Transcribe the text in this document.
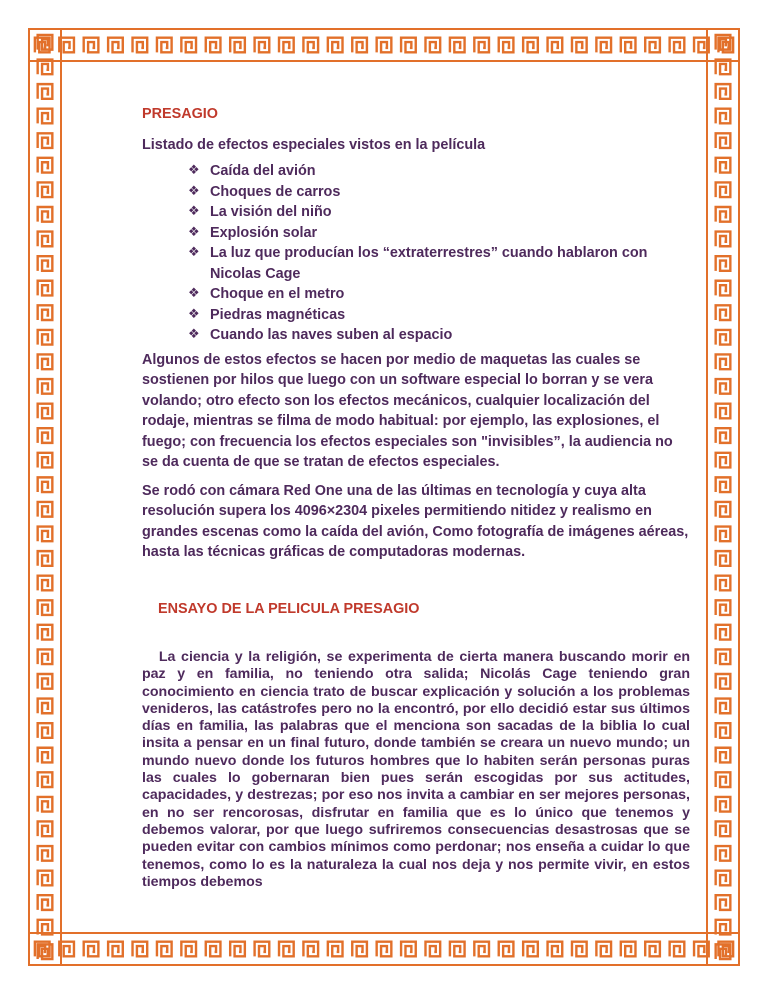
PRESAGIO

Listado de efectos especiales vistos en la película

❖ Caída del avión
❖ Choques de carros
❖ La visión del niño
❖ Explosión solar
❖ La luz que producían los “extraterrestres” cuando hablaron con Nicolas Cage
❖ Choque en el metro
❖ Piedras magnéticas
❖ Cuando las naves suben al espacio

Algunos de estos efectos se hacen por medio de maquetas las cuales se sostienen por hilos que luego con un software especial lo borran y se vera volando; otro efecto son los efectos mecánicos, cualquier localización del rodaje, mientras se filma de modo habitual: por ejemplo, las explosiones, el fuego; con frecuencia los efectos especiales son "invisibles”, la audiencia no se da cuenta de que se tratan de efectos especiales.

Se rodó con cámara Red One una de las últimas en tecnología y cuya alta resolución supera los 4096×2304 pixeles permitiendo nitidez y realismo en grandes escenas como la caída del avión, Como fotografía de imágenes aéreas, hasta las técnicas gráficas de computadoras modernas.

ENSAYO DE LA PELICULA PRESAGIO

La ciencia y la religión, se experimenta de cierta manera buscando morir en paz y en familia, no teniendo otra salida; Nicolás Cage teniendo gran conocimiento en ciencia trato de buscar explicación y solución a los problemas venideros, las catástrofes pero no la encontró, por ello decidió estar sus últimos días en familia, las palabras que el menciona son sacadas de la biblia lo cual insita a pensar en un final futuro, donde también se creara un nuevo mundo; un mundo nuevo donde los futuros hombres que lo habiten serán personas puras las cuales lo gobernaran bien pues serán escogidas por sus actitudes, capacidades, y destrezas; por eso nos invita a cambiar en ser mejores personas, en no ser rencorosas, disfrutar en familia que es lo único que tenemos y debemos valorar, por que luego sufriremos consecuencias desastrosas que se pueden evitar con cambios mínimos como perdonar; nos enseña a cuidar lo que tenemos, como lo es la naturaleza la cual nos deja y nos permite vivir, en estos tiempos debemos
